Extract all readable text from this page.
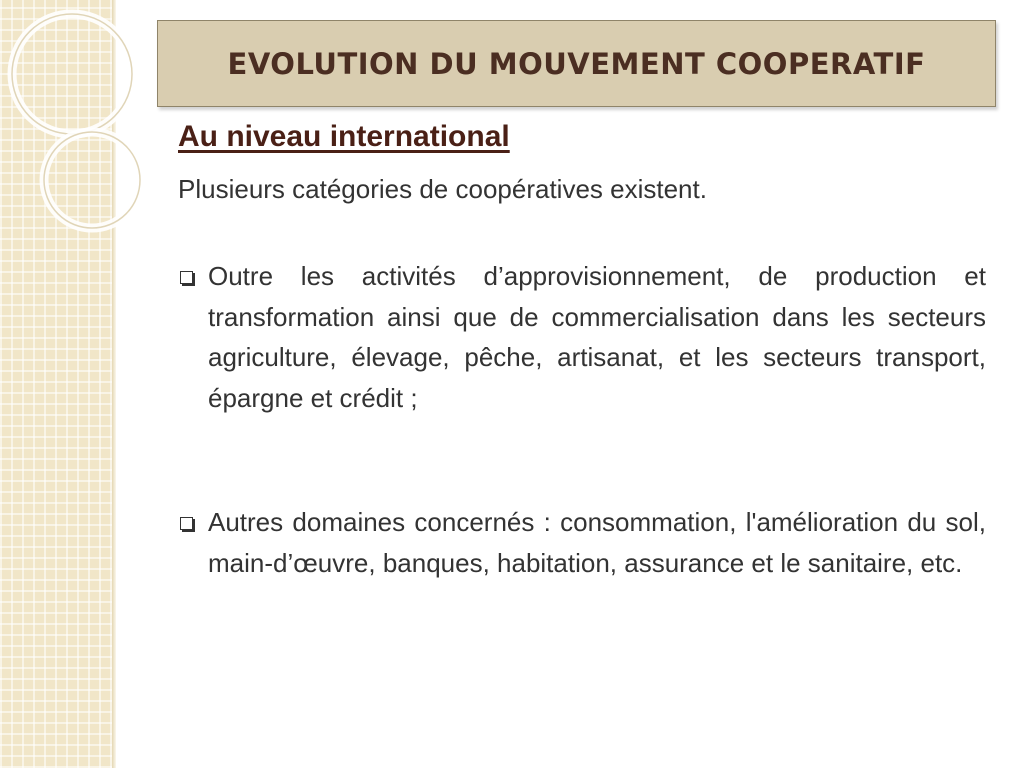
EVOLUTION DU MOUVEMENT COOPERATIF
Au niveau international
Plusieurs catégories de coopératives existent.
Outre les activités d’approvisionnement, de production et transformation ainsi que de commercialisation dans les secteurs agriculture, élevage, pêche, artisanat, et les secteurs transport, épargne et crédit ;
Autres domaines concernés : consommation, l'amélioration du sol, main-d’œuvre, banques, habitation, assurance et le sanitaire, etc.
